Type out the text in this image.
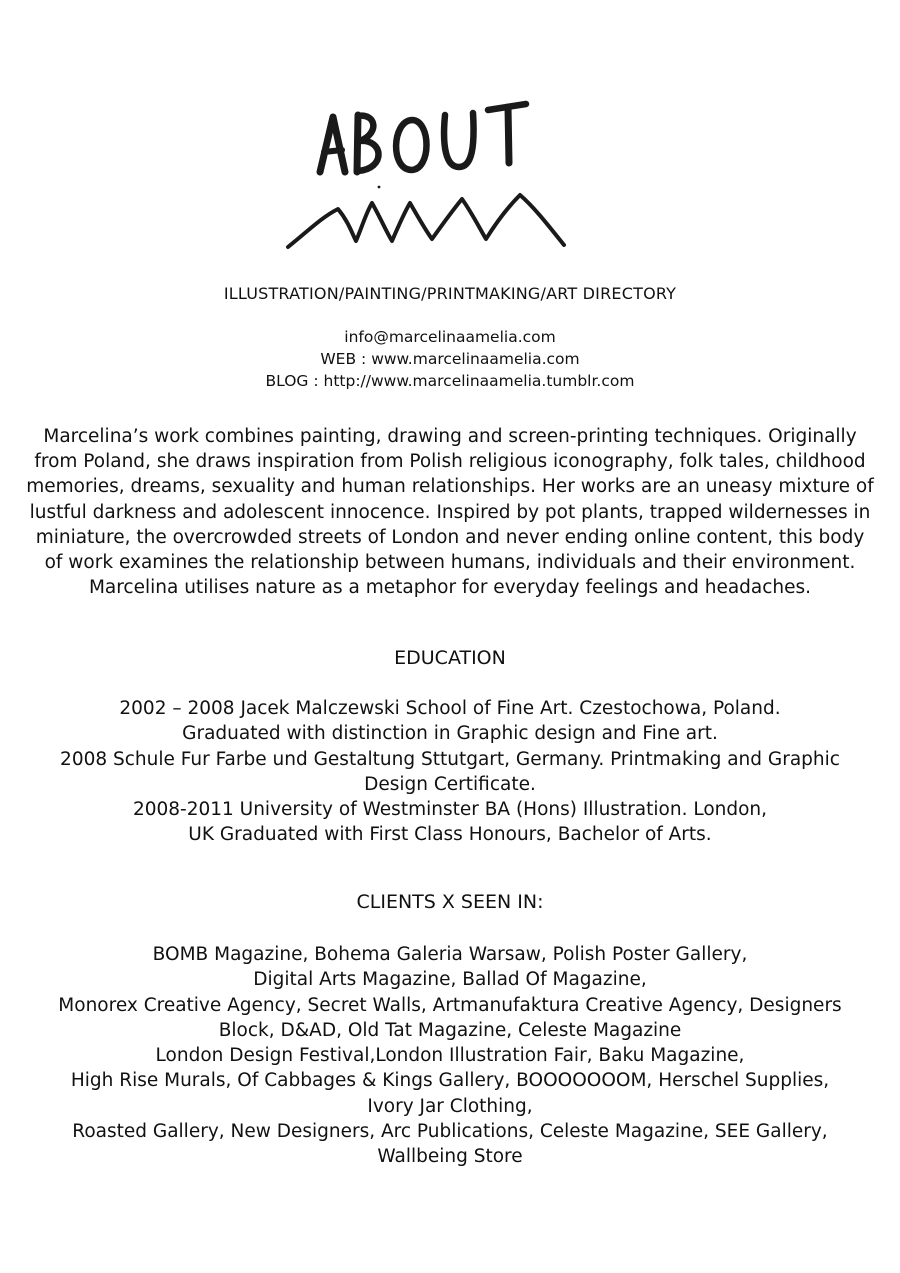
ILLUSTRATION/PAINTING/PRINTMAKING/ART DIRECTORY
info@marcelinaamelia.com
WEB : www.marcelinaamelia.com
BLOG : http://www.marcelinaamelia.tumblr.com
Marcelina’s work combines painting, drawing and screen-printing techniques. Originally
from Poland, she draws inspiration from Polish religious iconography, folk tales, childhood
memories, dreams, sexuality and human relationships. Her works are an uneasy mixture of
lustful darkness and adolescent innocence. Inspired by pot plants, trapped wildernesses in
miniature, the overcrowded streets of London and never ending online content, this body
of work examines the relationship between humans, individuals and their environment.
Marcelina utilises nature as a metaphor for everyday feelings and headaches.
EDUCATION
2002 – 2008 Jacek Malczewski School of Fine Art. Czestochowa, Poland.
Graduated with distinction in Graphic design and Fine art.
2008 Schule Fur Farbe und Gestaltung Sttutgart, Germany. Printmaking and Graphic
Design Certificate.
2008-2011 University of Westminster BA (Hons) Illustration. London,
UK Graduated with First Class Honours, Bachelor of Arts.
CLIENTS X SEEN IN:
BOMB Magazine, Bohema Galeria Warsaw, Polish Poster Gallery,
Digital Arts Magazine, Ballad Of Magazine,
Monorex Creative Agency, Secret Walls, Artmanufaktura Creative Agency, Designers
Block, D&AD, Old Tat Magazine, Celeste Magazine
London Design Festival,London Illustration Fair, Baku Magazine,
High Rise Murals, Of Cabbages & Kings Gallery, BOOOOOOOM, Herschel Supplies,
Ivory Jar Clothing,
Roasted Gallery, New Designers, Arc Publications, Celeste Magazine, SEE Gallery,
Wallbeing Store
